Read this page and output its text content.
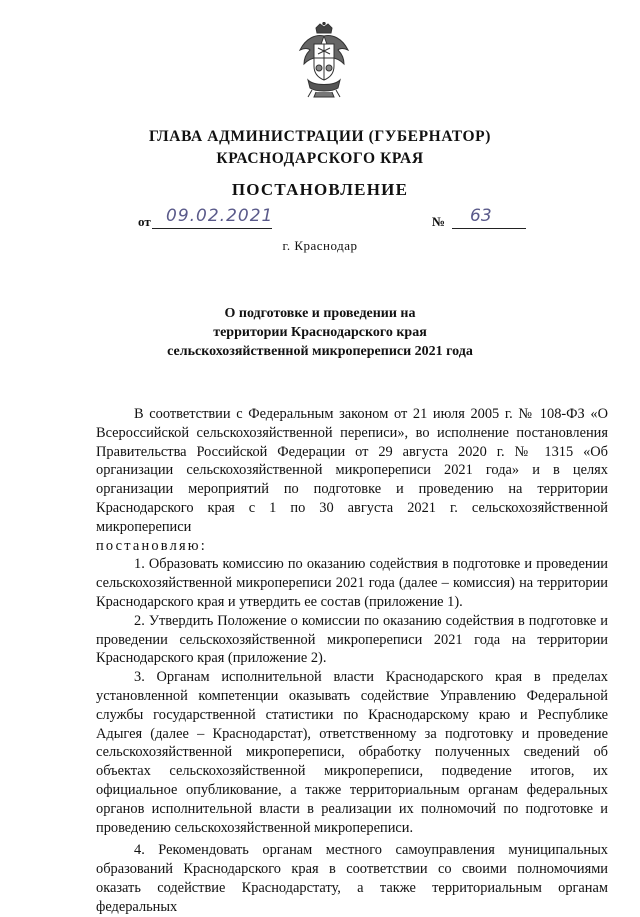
ГЛАВА АДМИНИСТРАЦИИ (ГУБЕРНАТОР)
КРАСНОДАРСКОГО КРАЯ
ПОСТАНОВЛЕНИЕ
от 09.02.2021	№ 63
г. Краснодар
О подготовке и проведении на
территории Краснодарского края
сельскохозяйственной микропереписи 2021 года

В соответствии с Федеральным законом от 21 июля 2005 г. № 108-ФЗ «О Всероссийской сельскохозяйственной переписи», во исполнение постановления Правительства Российской Федерации от 29 августа 2020 г. № 1315 «Об организации сельскохозяйственной микропереписи 2021 года» и в целях организации мероприятий по подготовке и проведению на территории Краснодарского края с 1 по 30 августа 2021 г. сельскохозяйственной микропереписи

постановляю:

1. Образовать комиссию по оказанию содействия в подготовке и проведении сельскохозяйственной микропереписи 2021 года (далее – комиссия) на территории Краснодарского края и утвердить ее состав (приложение 1).

2. Утвердить Положение о комиссии по оказанию содействия в подготовке и проведении сельскохозяйственной микропереписи 2021 года на территории Краснодарского края (приложение 2).

3. Органам исполнительной власти Краснодарского края в пределах установленной компетенции оказывать содействие Управлению Федеральной службы государственной статистики по Краснодарскому краю и Республике Адыгея (далее – Краснодарстат), ответственному за подготовку и проведение сельскохозяйственной микропереписи, обработку полученных сведений об объектах сельскохозяйственной микропереписи, подведение итогов, их официальное опубликование, а также территориальным органам федеральных органов исполнительной власти в реализации их полномочий по подготовке и проведению сельскохозяйственной микропереписи.

4. Рекомендовать органам местного самоуправления муниципальных образований Краснодарского края в соответствии со своими полномочиями оказать содействие Краснодарстату, а также территориальным органам федеральных
